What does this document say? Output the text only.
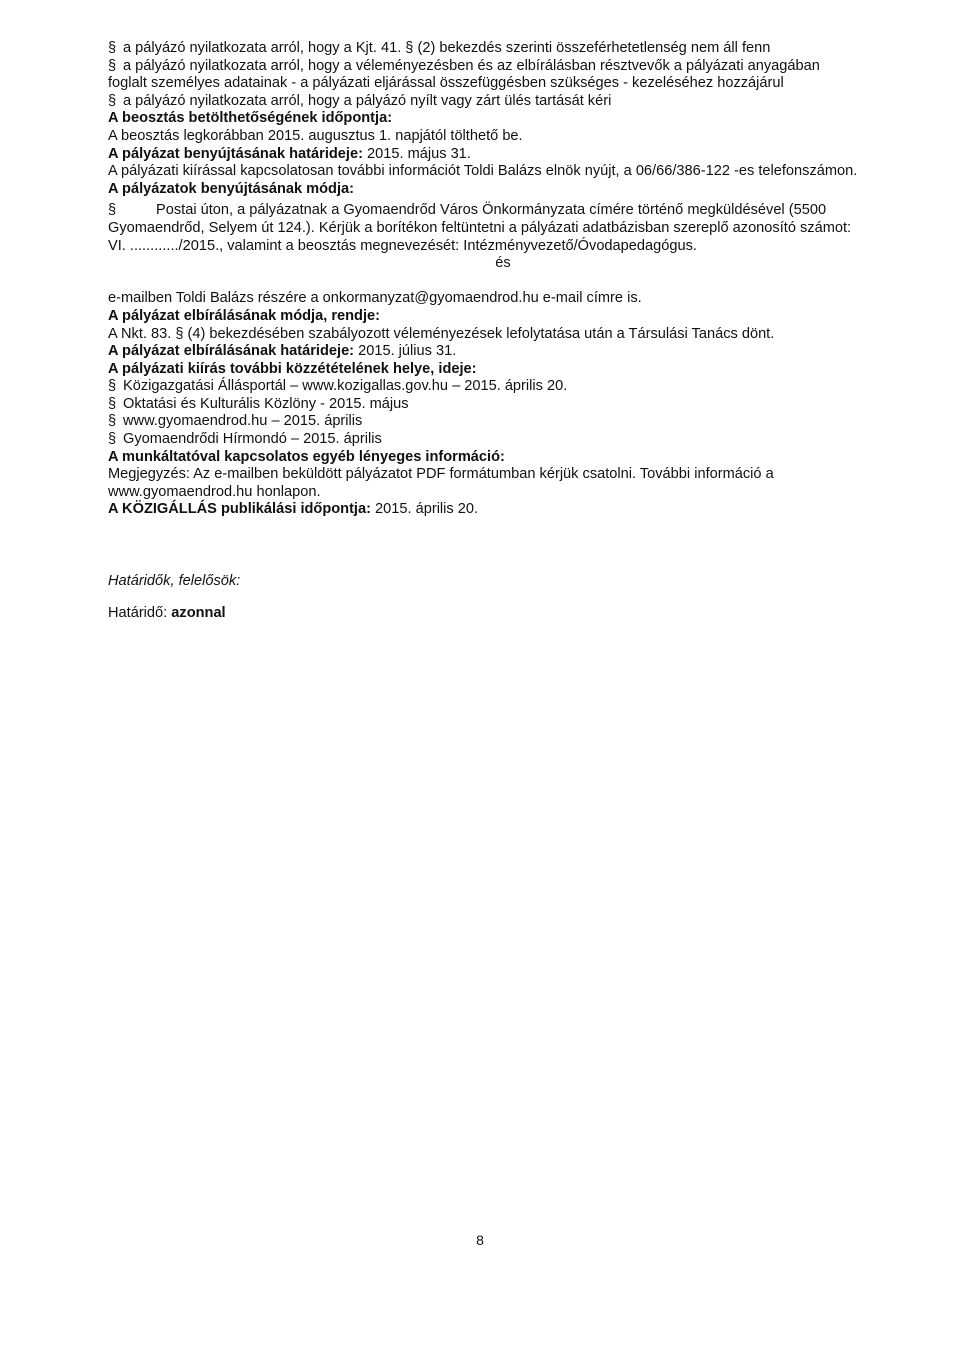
§ a pályázó nyilatkozata arról, hogy a Kjt. 41. § (2) bekezdés szerinti összeférhetetlenség nem áll fenn
§ a pályázó nyilatkozata arról, hogy a véleményezésben és az elbírálásban résztvevők a pályázati anyagában
foglalt személyes adatainak - a pályázati eljárással összefüggésben szükséges - kezeléséhez hozzájárul
§ a pályázó nyilatkozata arról, hogy a pályázó nyílt vagy zárt ülés tartását kéri
A beosztás betölthetőségének időpontja:
A beosztás legkorábban 2015. augusztus 1. napjától tölthető be.
A pályázat benyújtásának határideje: 2015. május 31.
A pályázati kiírással kapcsolatosan további információt Toldi Balázs elnök nyújt, a 06/66/386-122 -es telefonszámon.
A pályázatok benyújtásának módja:
§	Postai úton, a pályázatnak a Gyomaendrőd Város Önkormányzata címére történő megküldésével (5500
Gyomaendrőd, Selyem út 124.). Kérjük a borítékon feltüntetni a pályázati adatbázisban szereplő azonosító számot:
VI. ............/2015., valamint a beosztás megnevezését: Intézményvezető/Óvodapedagógus.
és
e-mailben Toldi Balázs részére a onkormanyzat@gyomaendrod.hu e-mail címre is.
A pályázat elbírálásának módja, rendje:
A Nkt. 83. § (4) bekezdésében szabályozott véleményezések lefolytatása után a Társulási Tanács dönt.
A pályázat elbírálásának határideje: 2015. július 31.
A pályázati kiírás további közzétételének helye, ideje:
§ Közigazgatási Állásportál – www.kozigallas.gov.hu – 2015. április 20.
§ Oktatási és Kulturális Közlöny - 2015. május
§ www.gyomaendrod.hu – 2015. április
§ Gyomaendrődi Hírmondó – 2015. április
A munkáltatóval kapcsolatos egyéb lényeges információ:
Megjegyzés: Az e-mailben beküldött pályázatot PDF formátumban kérjük csatolni. További információ a
www.gyomaendrod.hu honlapon.
A KÖZIGÁLLÁS publikálási időpontja: 2015. április 20.
Határidők, felelősök:
Határidő: azonnal
8
